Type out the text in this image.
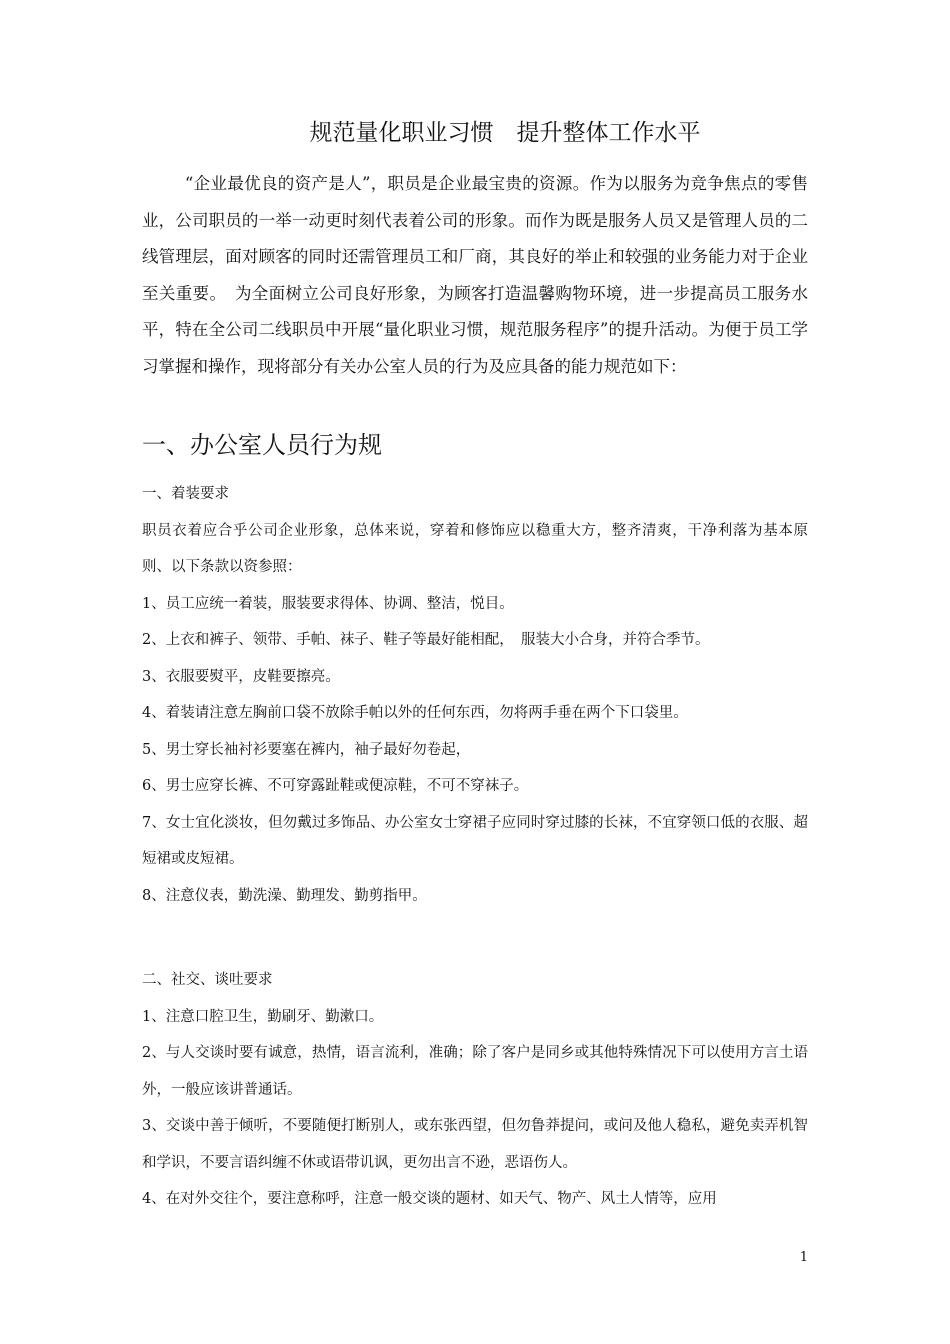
规范量化职业习惯　提升整体工作水平

“企业最优良的资产是人”，职员是企业最宝贵的资源。作为以服务为竞争焦点的零售业，公司职员的一举一动更时刻代表着公司的形象。而作为既是服务人员又是管理人员的二线管理层，面对顾客的同时还需管理员工和厂商，其良好的举止和较强的业务能力对于企业至关重要。　为全面树立公司良好形象，为顾客打造温馨购物环境，进一步提高员工服务水平，特在全公司二线职员中开展“量化职业习惯，规范服务程序”的提升活动。为便于员工学习掌握和操作，现将部分有关办公室人员的行为及应具备的能力规范如下：

一、办公室人员行为规

一、着装要求

职员衣着应合乎公司企业形象，总体来说，穿着和修饰应以稳重大方，整齐清爽，干净利落为基本原则、以下条款以资参照：

1、员工应统一着装，服装要求得体、协调、整洁，悦目。

2、上衣和裤子、领带、手帕、袜子、鞋子等最好能相配，　服装大小合身，并符合季节。

3、衣服要熨平，皮鞋要擦亮。

4、着装请注意左胸前口袋不放除手帕以外的任何东西，勿将两手垂在两个下口袋里。

5、男士穿长袖衬衫要塞在裤内，袖子最好勿卷起，

6、男士应穿长裤、不可穿露趾鞋或便凉鞋，不可不穿袜子。

7、女士宜化淡妆，但勿戴过多饰品、办公室女士穿裙子应同时穿过膝的长袜，不宜穿领口低的衣服、超短裙或皮短裙。

8、注意仪表，勤洗澡、勤理发、勤剪指甲。

二、社交、谈吐要求

1、注意口腔卫生，勤刷牙、勤漱口。

2、与人交谈时要有诚意，热情，语言流利，准确；除了客户是同乡或其他特殊情况下可以使用方言土语外，一般应该讲普通话。

3、交谈中善于倾听，不要随便打断别人，或东张西望，但勿鲁莽提问，或问及他人稳私，避免卖弄机智和学识，不要言语纠缠不休或语带讥讽，更勿出言不逊，恶语伤人。

4、在对外交往个，要注意称呼，注意一般交谈的题材、如天气、物产、风土人情等，应用

1
